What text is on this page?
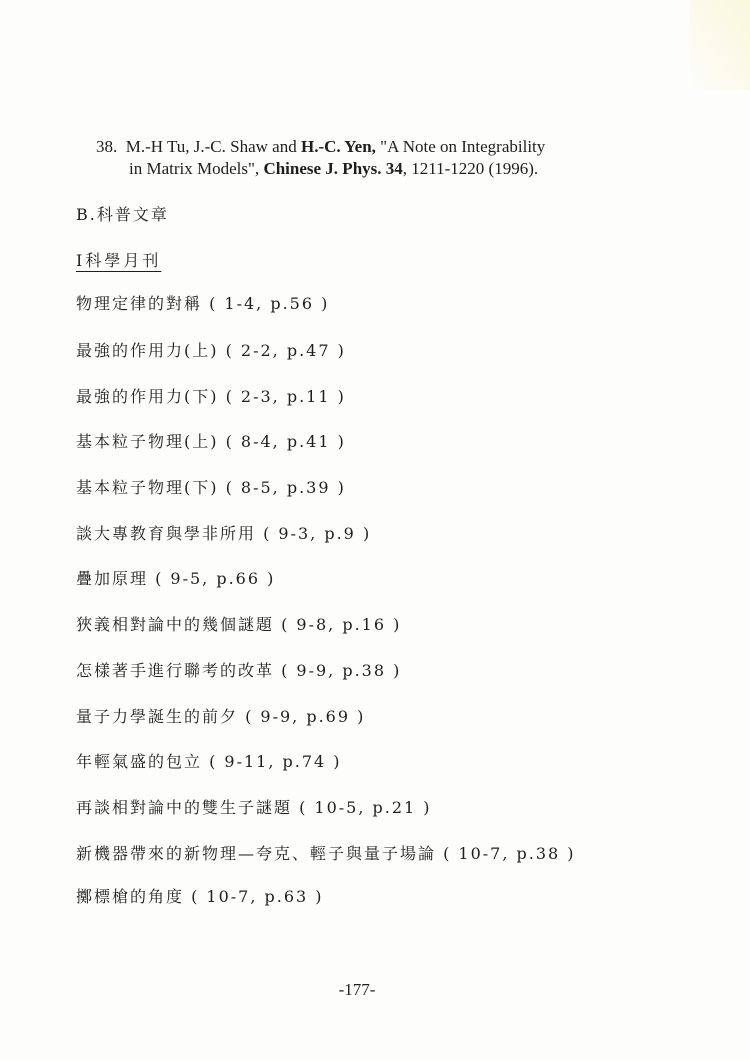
38. M.-H Tu, J.-C. Shaw and H.-C. Yen, "A Note on Integrability
in Matrix Models", Chinese J. Phys. 34, 1211-1220 (1996).
B.科普文章
Ⅰ科學月刊
物理定律的對稱 ( 1-4, p.56 )
最強的作用力(上) ( 2-2, p.47 )
最強的作用力(下) ( 2-3, p.11 )
基本粒子物理(上) ( 8-4, p.41 )
基本粒子物理(下) ( 8-5, p.39 )
談大專教育與學非所用 ( 9-3, p.9 )
疊加原理 ( 9-5, p.66 )
狹義相對論中的幾個謎題 ( 9-8, p.16 )
怎樣著手進行聯考的改革 ( 9-9, p.38 )
量子力學誕生的前夕 ( 9-9, p.69 )
年輕氣盛的包立 ( 9-11, p.74 )
再談相對論中的雙生子謎題 ( 10-5, p.21 )
新機器帶來的新物理—夸克、輕子與量子場論 ( 10-7, p.38 )
擲標槍的角度 ( 10-7, p.63 )
-177-
